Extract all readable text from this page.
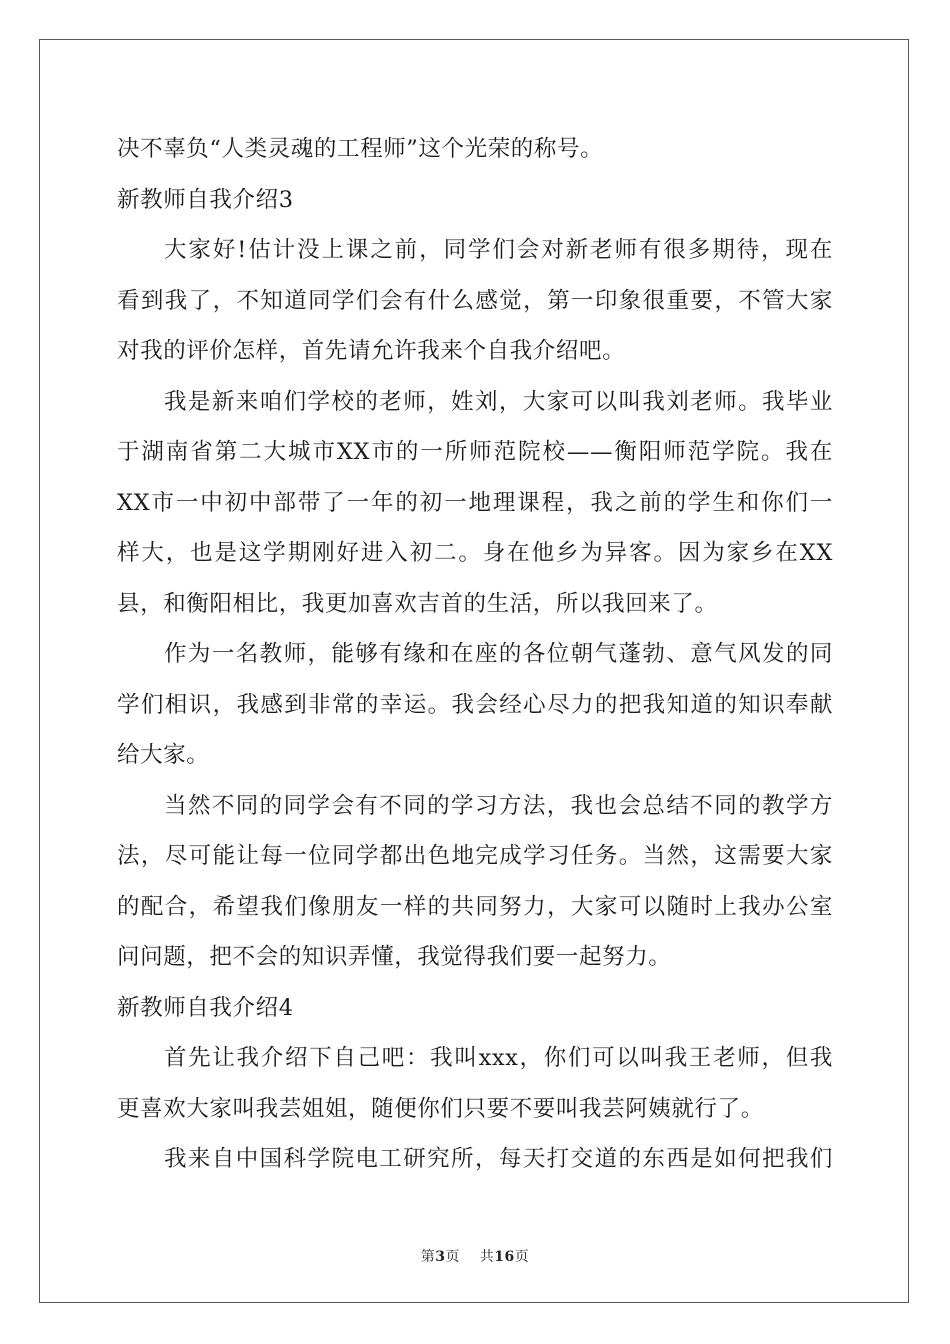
决不辜负“人类灵魂的工程师”这个光荣的称号。
新教师自我介绍3
大家好!估计没上课之前，同学们会对新老师有很多期待，现在
看到我了，不知道同学们会有什么感觉，第一印象很重要，不管大家
对我的评价怎样，首先请允许我来个自我介绍吧。
我是新来咱们学校的老师，姓刘，大家可以叫我刘老师。我毕业
于湖南省第二大城市XX市的一所师范院校——衡阳师范学院。我在
XX市一中初中部带了一年的初一地理课程，我之前的学生和你们一
样大，也是这学期刚好进入初二。身在他乡为异客。因为家乡在XX
县，和衡阳相比，我更加喜欢吉首的生活，所以我回来了。
作为一名教师，能够有缘和在座的各位朝气蓬勃、意气风发的同
学们相识，我感到非常的幸运。我会经心尽力的把我知道的知识奉献
给大家。
当然不同的同学会有不同的学习方法，我也会总结不同的教学方
法，尽可能让每一位同学都出色地完成学习任务。当然，这需要大家
的配合，希望我们像朋友一样的共同努力，大家可以随时上我办公室
问问题，把不会的知识弄懂，我觉得我们要一起努力。
新教师自我介绍4
首先让我介绍下自己吧：我叫xxx，你们可以叫我王老师，但我
更喜欢大家叫我芸姐姐，随便你们只要不要叫我芸阿姨就行了。
我来自中国科学院电工研究所，每天打交道的东西是如何把我们
第3页 共16页
